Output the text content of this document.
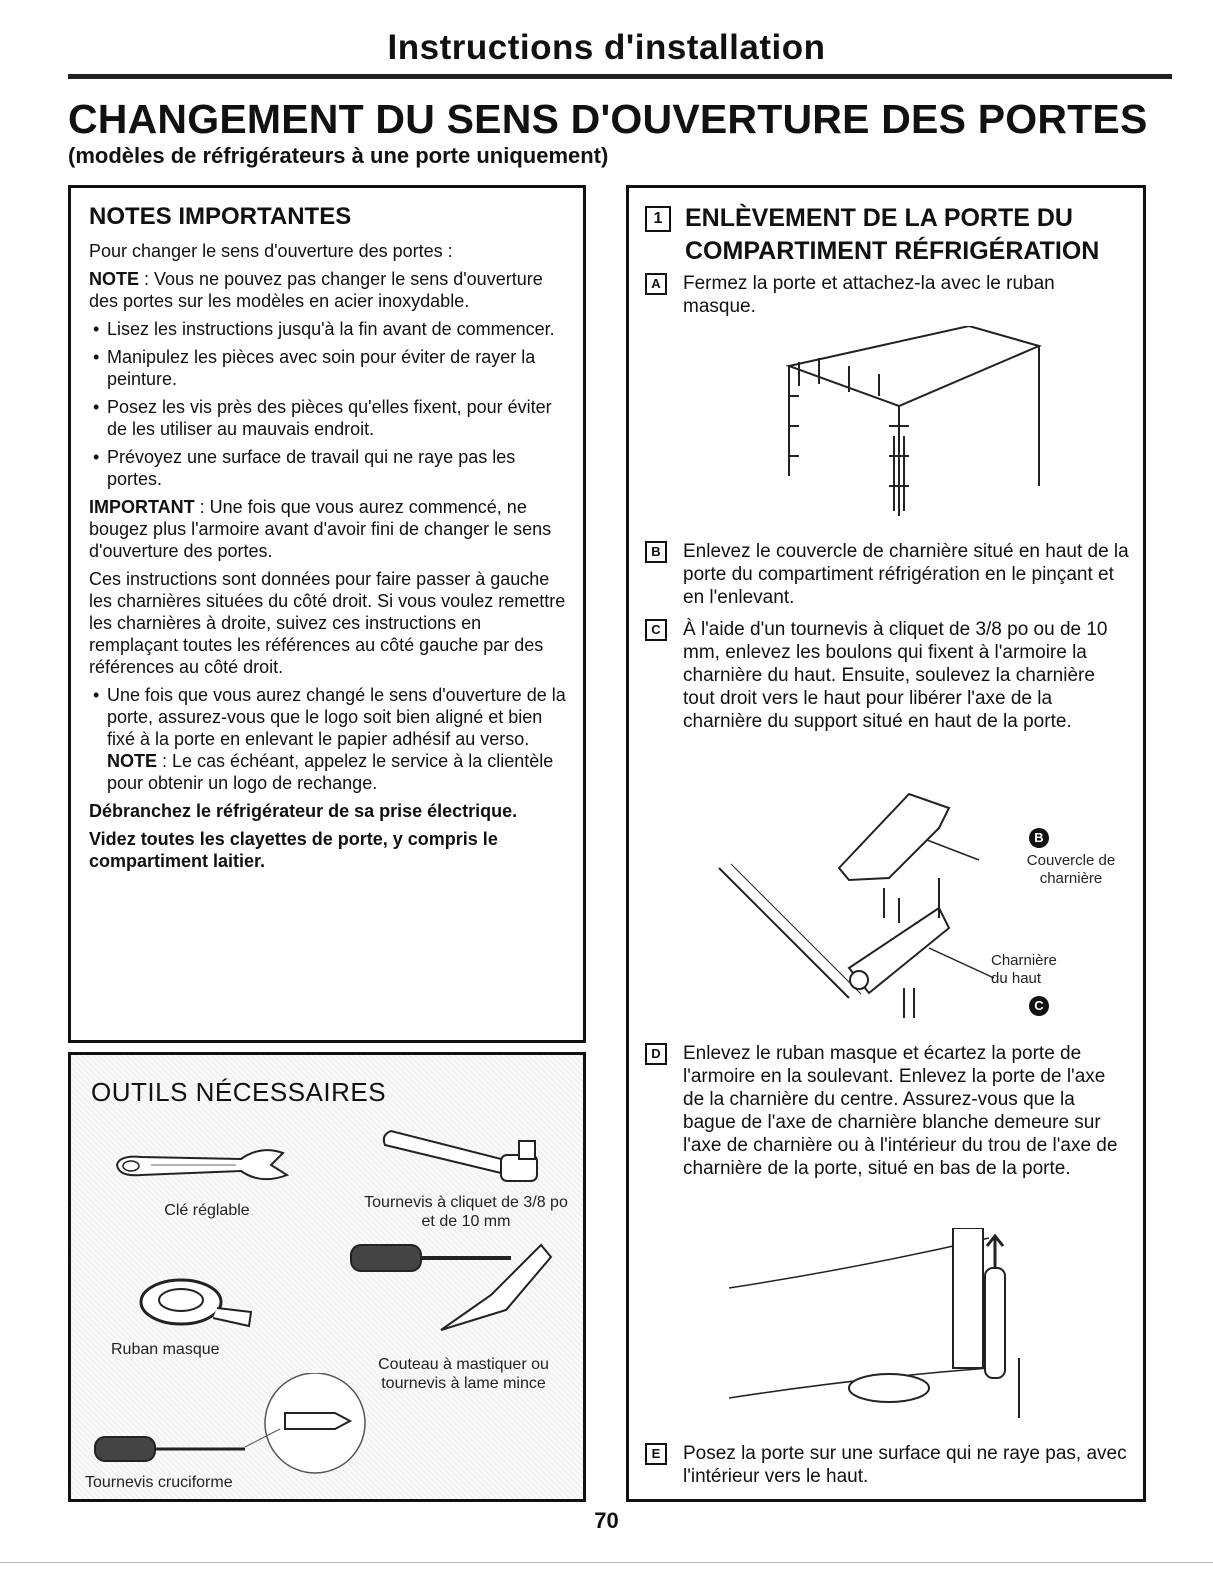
Instructions d'installation
CHANGEMENT DU SENS D'OUVERTURE DES PORTES
(modèles de réfrigérateurs à une porte uniquement)

NOTES IMPORTANTES

Pour changer le sens d'ouverture des portes :

NOTE : Vous ne pouvez pas changer le sens d'ouverture des portes sur les modèles en acier inoxydable.

• Lisez les instructions jusqu'à la fin avant de commencer.
• Manipulez les pièces avec soin pour éviter de rayer la peinture.
• Posez les vis près des pièces qu'elles fixent, pour éviter de les utiliser au mauvais endroit.
• Prévoyez une surface de travail qui ne raye pas les portes.

IMPORTANT : Une fois que vous aurez commencé, ne bougez plus l'armoire avant d'avoir fini de changer le sens d'ouverture des portes.

Ces instructions sont données pour faire passer à gauche les charnières situées du côté droit. Si vous voulez remettre les charnières à droite, suivez ces instructions en remplaçant toutes les références au côté gauche par des références au côté droit.

• Une fois que vous aurez changé le sens d'ouverture de la porte, assurez-vous que le logo soit bien aligné et bien fixé à la porte en enlevant le papier adhésif au verso. NOTE : Le cas échéant, appelez le service à la clientèle pour obtenir un logo de rechange.

Débranchez le réfrigérateur de sa prise électrique.

Videz toutes les clayettes de porte, y compris le compartiment laitier.

OUTILS NÉCESSAIRES
Clé réglable	Tournevis à cliquet de 3/8 po et de 10 mm
Ruban masque
Couteau à mastiquer ou tournevis à lame mince
Tournevis cruciforme
1 ENLÈVEMENT DE LA PORTE DU COMPARTIMENT RÉFRIGÉRATION
A	Fermez la porte et attachez-la avec le ruban masque.
B	Enlevez le couvercle de charnière situé en haut de la porte du compartiment réfrigération en le pinçant et en l'enlevant.
C	À l'aide d'un tournevis à cliquet de 3/8 po ou de 10 mm, enlevez les boulons qui fixent à l'armoire la charnière du haut. Ensuite, soulevez la charnière tout droit vers le haut pour libérer l'axe de la charnière du support situé en haut de la porte.
B
Couvercle de charnière
Charnière du haut
C
D	Enlevez le ruban masque et écartez la porte de l'armoire en la soulevant. Enlevez la porte de l'axe de la charnière du centre. Assurez-vous que la bague de l'axe de charnière blanche demeure sur l'axe de charnière ou à l'intérieur du trou de l'axe de charnière de la porte, situé en bas de la porte.
E	Posez la porte sur une surface qui ne raye pas, avec l'intérieur vers le haut.
70
